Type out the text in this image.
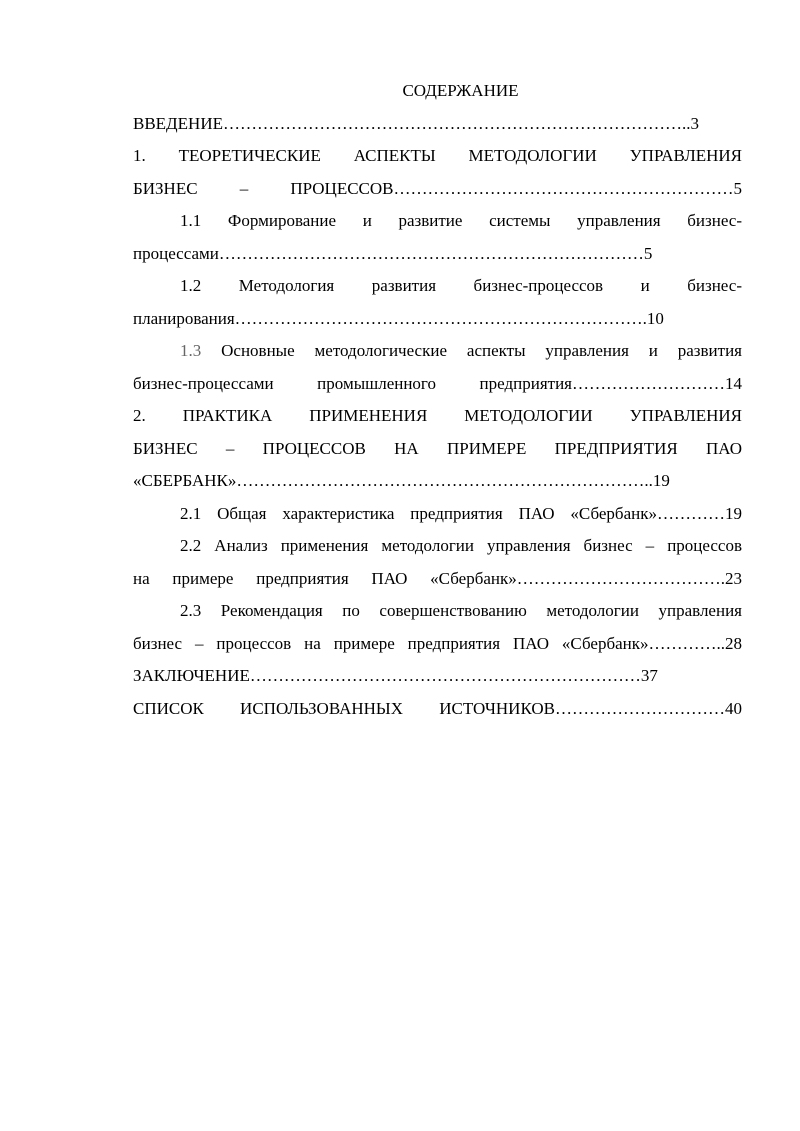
СОДЕРЖАНИЕ

ВВЕДЕНИЕ………………………………………………………………………..3
1. ТЕОРЕТИЧЕСКИЕ АСПЕКТЫ МЕТОДОЛОГИИ УПРАВЛЕНИЯ
БИЗНЕС – ПРОЦЕССОВ……………………………………………………5
1.1 Формирование и развитие системы управления бизнес-
процессами…………………………………………………………………5
1.2 Методология развития бизнес-процессов и бизнес-
планирования……………………………………………………………….10
1.3 Основные методологические аспекты управления и развития
бизнес-процессами промышленного предприятия………………………14
2. ПРАКТИКА ПРИМЕНЕНИЯ МЕТОДОЛОГИИ УПРАВЛЕНИЯ
БИЗНЕС – ПРОЦЕССОВ НА ПРИМЕРЕ ПРЕДПРИЯТИЯ ПАО
«СБЕРБАНК»………………………………………………………………..19
2.1 Общая характеристика предприятия ПАО «Сбербанк»…………19
2.2 Анализ применения методологии управления бизнес – процессов
на примере предприятия ПАО «Сбербанк»……………………………….23
2.3 Рекомендация по совершенствованию методологии управления
бизнес – процессов на примере предприятия ПАО «Сбербанк»…………..28
ЗАКЛЮЧЕНИЕ……………………………………………………………37
СПИСОК ИСПОЛЬЗОВАННЫХ ИСТОЧНИКОВ…………………………40
